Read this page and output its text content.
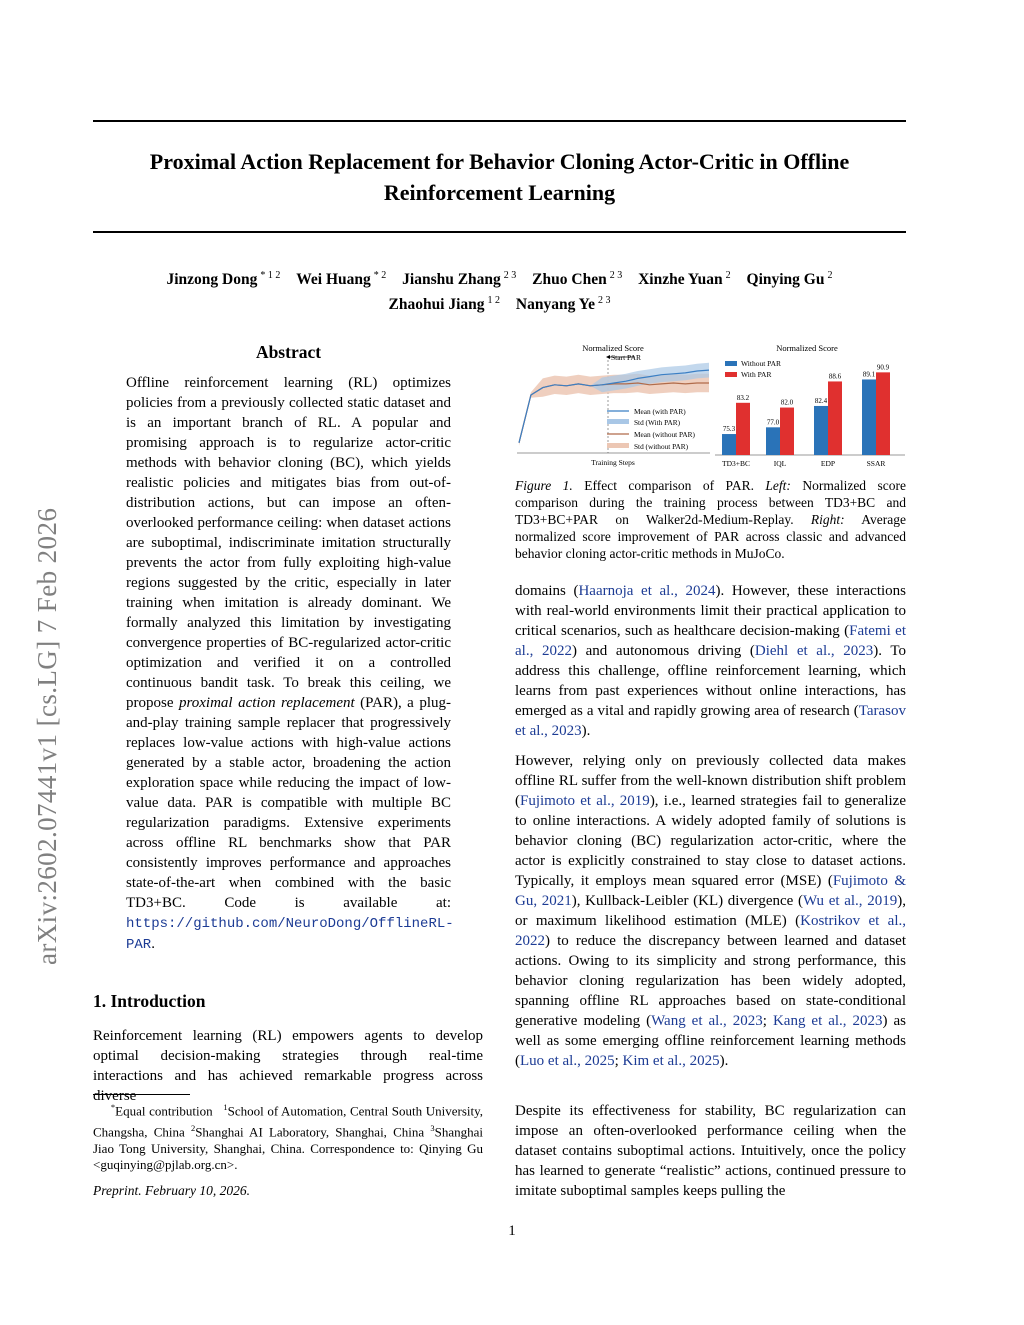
Proximal Action Replacement for Behavior Cloning Actor-Critic in Offline
Reinforcement Learning
Jinzong Dong $^{* 1 2}$ Wei Huang $^{* 2}$ Jianshu Zhang $^{2 3}$ Zhuo Chen $^{2 3}$ Xinzhe Yuan $^2$ Qinying Gu $^2$
Zhaohui Jiang $^{1 2}$ Nanyang Ye $^{2 3}$
arXiv:2602.07441v1 [cs.LG] 7 Feb 2026
Abstract
Offline reinforcement learning (RL) optimizes policies from a previously collected static dataset and is an important branch of RL. A popular and promising approach is to regularize actor-critic methods with behavior cloning (BC), which yields realistic policies and mitigates bias from out-of-distribution actions, but can impose an often-overlooked performance ceiling: when dataset actions are suboptimal, indiscriminate imitation structurally prevents the actor from fully exploiting high-value regions suggested by the critic, especially in later training when imitation is already dominant. We formally analyzed this limitation by investigating convergence properties of BC-regularized actor-critic optimization and verified it on a controlled continuous bandit task. To break this ceiling, we propose proximal action replacement (PAR), a plug-and-play training sample replacer that progressively replaces low-value actions with high-value actions generated by a stable actor, broadening the action exploration space while reducing the impact of low-value data. PAR is compatible with multiple BC regularization paradigms. Extensive experiments across offline RL benchmarks show that PAR consistently improves performance and approaches state-of-the-art when combined with the basic TD3+BC. Code is available at: https://github.com/NeuroDong/OfflineRL-PAR.
1. Introduction
Reinforcement learning (RL) empowers agents to develop optimal decision-making strategies through real-time interactions and has achieved remarkable progress across diverse
*Equal contribution $^1$School of Automation, Central South University, Changsha, China $^2$Shanghai AI Laboratory, Shanghai, China $^3$Shanghai Jiao Tong University, Shanghai, China. Correspondence to: Qinying Gu <guqinying@pjlab.org.cn>.
Preprint. February 10, 2026.
Normalized Score
Start PAR
Training Steps
Mean (with PAR)
Std (With PAR)
Mean (without PAR)
Std (without PAR)
Normalized Score
Without PAR
With PAR
75.3
83.2
77.0
82.0	82.4
88.6	89.1
90.9
TD3+BC	IQL	EDP	SSAR
Figure 1. Effect comparison of PAR. Left: Normalized score comparison during the training process between TD3+BC and TD3+BC+PAR on Walker2d-Medium-Replay. Right: Average normalized score improvement of PAR across classic and advanced behavior cloning actor-critic methods in MuJoCo.
domains (Haarnoja et al., 2024). However, these interactions with real-world environments limit their practical application to critical scenarios, such as healthcare decision-making (Fatemi et al., 2022) and autonomous driving (Diehl et al., 2023). To address this challenge, offline reinforcement learning, which learns from past experiences without online interactions, has emerged as a vital and rapidly growing area of research (Tarasov et al., 2023).
However, relying only on previously collected data makes offline RL suffer from the well-known distribution shift problem (Fujimoto et al., 2019), i.e., learned strategies fail to generalize to online interactions. A widely adopted family of solutions is behavior cloning (BC) regularization actor-critic, where the actor is explicitly constrained to stay close to dataset actions. Typically, it employs mean squared error (MSE) (Fujimoto & Gu, 2021), Kullback-Leibler (KL) divergence (Wu et al., 2019), or maximum likelihood estimation (MLE) (Kostrikov et al., 2022) to reduce the discrepancy between learned and dataset actions. Owing to its simplicity and strong performance, this behavior cloning regularization has been widely adopted, spanning offline RL approaches based on state-conditional generative modeling (Wang et al., 2023; Kang et al., 2023) as well as some emerging offline reinforcement learning methods (Luo et al., 2025; Kim et al., 2025).
Despite its effectiveness for stability, BC regularization can impose an often-overlooked performance ceiling when the dataset contains suboptimal actions. Intuitively, once the policy has learned to generate “realistic” actions, continued pressure to imitate suboptimal samples keeps pulling the
1
